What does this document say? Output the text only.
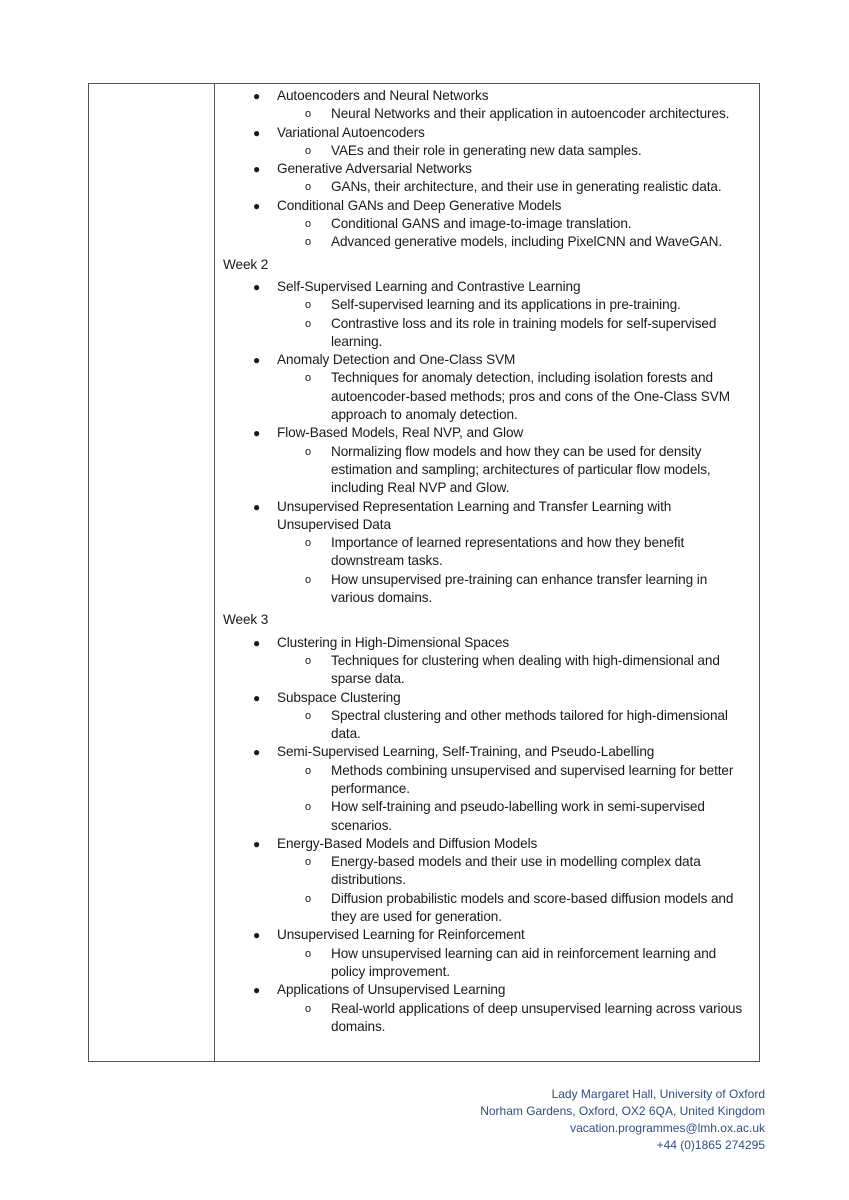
● Autoencoders and Neural Networks
o Neural Networks and their application in autoencoder architectures.
● Variational Autoencoders
o VAEs and their role in generating new data samples.
● Generative Adversarial Networks
o GANs, their architecture, and their use in generating realistic data.
● Conditional GANs and Deep Generative Models
o Conditional GANS and image-to-image translation.
o Advanced generative models, including PixelCNN and WaveGAN.
Week 2
● Self-Supervised Learning and Contrastive Learning
o Self-supervised learning and its applications in pre-training.
o Contrastive loss and its role in training models for self-supervised learning.
● Anomaly Detection and One-Class SVM
o Techniques for anomaly detection, including isolation forests and autoencoder-based methods; pros and cons of the One-Class SVM approach to anomaly detection.
● Flow-Based Models, Real NVP, and Glow
o Normalizing flow models and how they can be used for density estimation and sampling; architectures of particular flow models, including Real NVP and Glow.
● Unsupervised Representation Learning and Transfer Learning with Unsupervised Data
o Importance of learned representations and how they benefit downstream tasks.
o How unsupervised pre-training can enhance transfer learning in various domains.
Week 3
● Clustering in High-Dimensional Spaces
o Techniques for clustering when dealing with high-dimensional and sparse data.
● Subspace Clustering
o Spectral clustering and other methods tailored for high-dimensional data.
● Semi-Supervised Learning, Self-Training, and Pseudo-Labelling
o Methods combining unsupervised and supervised learning for better performance.
o How self-training and pseudo-labelling work in semi-supervised scenarios.
● Energy-Based Models and Diffusion Models
o Energy-based models and their use in modelling complex data distributions.
o Diffusion probabilistic models and score-based diffusion models and they are used for generation.
● Unsupervised Learning for Reinforcement
o How unsupervised learning can aid in reinforcement learning and policy improvement.
● Applications of Unsupervised Learning
o Real-world applications of deep unsupervised learning across various domains.
Lady Margaret Hall, University of Oxford
Norham Gardens, Oxford, OX2 6QA, United Kingdom
vacation.programmes@lmh.ox.ac.uk
+44 (0)1865 274295
